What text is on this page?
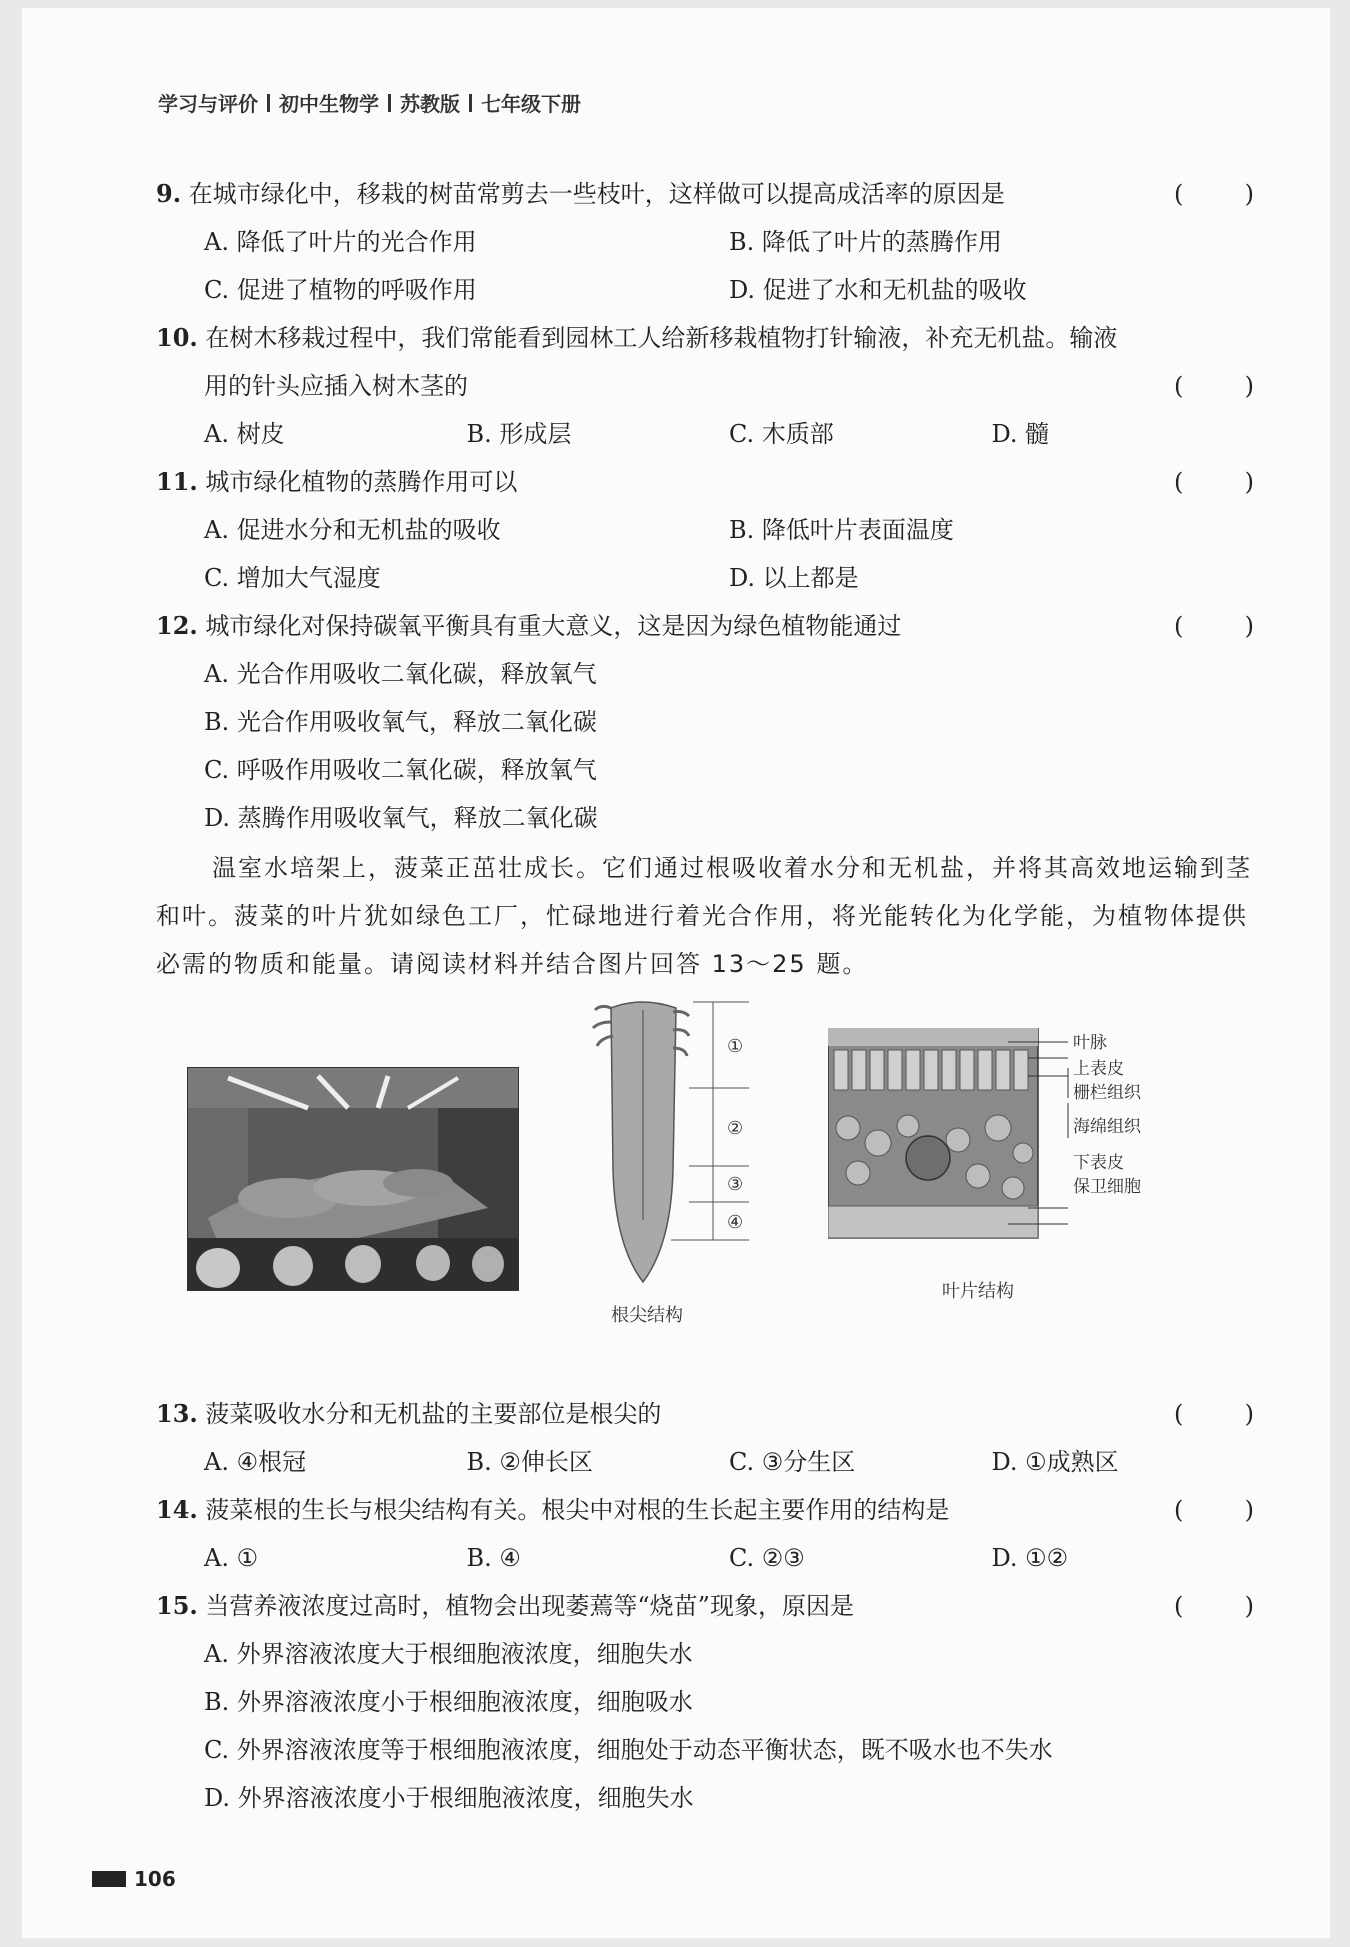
学习与评价 初中生物学 苏教版 七年级下册
9. 在城市绿化中，移栽的树苗常剪去一些枝叶，这样做可以提高成活率的原因是	(	)
A. 降低了叶片的光合作用	B. 降低了叶片的蒸腾作用
C. 促进了植物的呼吸作用	D. 促进了水和无机盐的吸收
10. 在树木移栽过程中，我们常能看到园林工人给新移栽植物打针输液，补充无机盐。输液
用的针头应插入树木茎的	(	)
A. 树皮	B. 形成层	C. 木质部	D. 髓
11. 城市绿化植物的蒸腾作用可以	(	)
A. 促进水分和无机盐的吸收	B. 降低叶片表面温度
C. 增加大气湿度	D. 以上都是
12. 城市绿化对保持碳氧平衡具有重大意义，这是因为绿色植物能通过	(	)
A. 光合作用吸收二氧化碳，释放氧气
B. 光合作用吸收氧气，释放二氧化碳
C. 呼吸作用吸收二氧化碳，释放氧气
D. 蒸腾作用吸收氧气，释放二氧化碳
温室水培架上，菠菜正茁壮成长。它们通过根吸收着水分和无机盐，并将其高效地运输到茎和叶。菠菜的叶片犹如绿色工厂，忙碌地进行着光合作用，将光能转化为化学能，为植物体提供必需的物质和能量。请阅读材料并结合图片回答 13～25 题。
①
②
③
④
根尖结构
叶脉
上表皮
栅栏组织
海绵组织
下表皮
保卫细胞
叶片结构
13. 菠菜吸收水分和无机盐的主要部位是根尖的	(	)
A. ④根冠	B. ②伸长区	C. ③分生区	D. ①成熟区
14. 菠菜根的生长与根尖结构有关。根尖中对根的生长起主要作用的结构是	(	)
A. ①	B. ④	C. ②③	D. ①②
15. 当营养液浓度过高时，植物会出现萎蔫等“烧苗”现象，原因是	(	)
A. 外界溶液浓度大于根细胞液浓度，细胞失水
B. 外界溶液浓度小于根细胞液浓度，细胞吸水
C. 外界溶液浓度等于根细胞液浓度，细胞处于动态平衡状态，既不吸水也不失水
D. 外界溶液浓度小于根细胞液浓度，细胞失水
106
